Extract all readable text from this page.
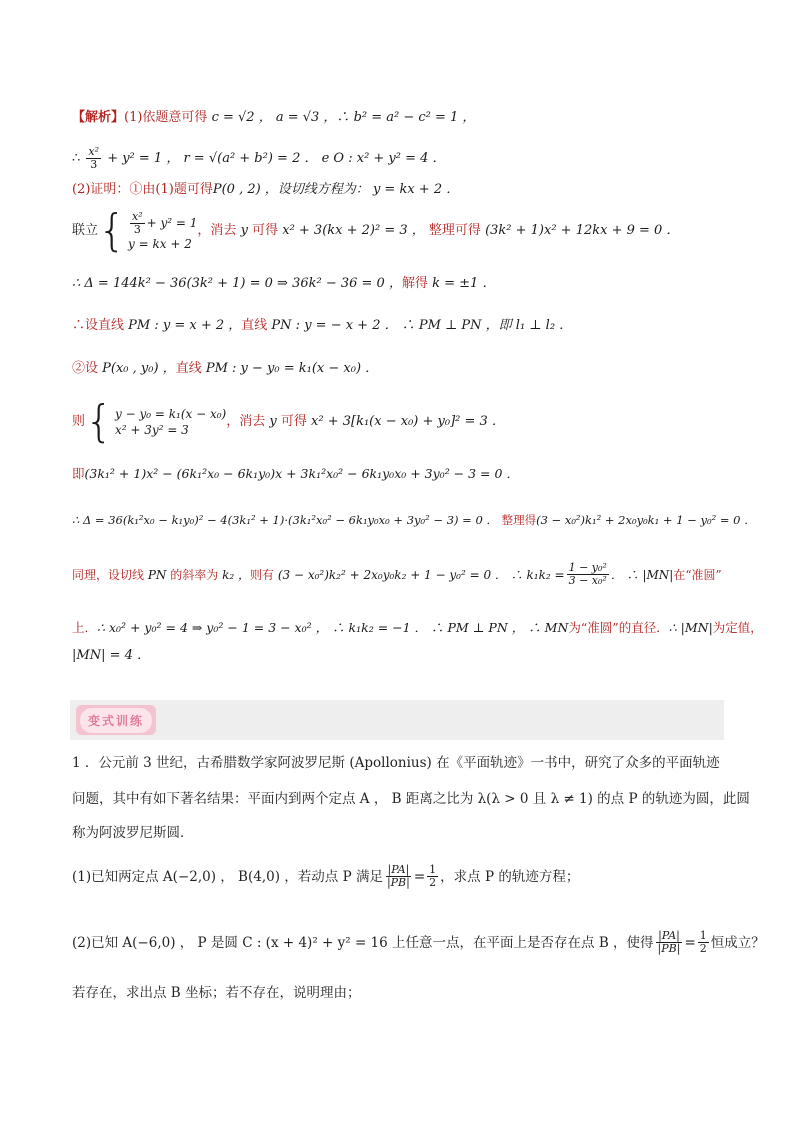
【解析】(1)依题意可得 c = √2 ， a = √3 ，∴ b² = a² − c² = 1 ，
∴ $\frac{\text{x²}}{3} + y^2 = 1$ ， r = √(a² + b²) = 2 ． e O : x² + y² = 4 ．
(2)证明：①由(1)题可得P(0 , 2) ，设切线方程为： y = kx + 2 ．
联立 { $\frac{\text{x²}}{3} + y^2 = 1$
y = kx + 2
，消去
y
可得
x² + 3(kx + 2)² = 3 ，
整理可得
(3k² + 1)x² + 12kx + 9 = 0 ．
∴ Δ = 144k² − 36(3k² + 1) = 0 ⇒ 36k² − 36 = 0 ，解得 k = ±1 ．
∴设直线 PM : y = x + 2 ，直线 PN : y = − x + 2 ． ∴ PM ⊥ PN ，即 l₁ ⊥ l₂ ．
②设 P(x₀ , y₀) ，直线 PM : y − y₀ = k₁(x − x₀) ．
则 { y − y₀ = k₁(x − x₀)
x² + 3y² = 3
，消去
y
可得
x² + 3[k₁(x − x₀) + y₀]² = 3 ．
即(3k₁² + 1)x² − (6k₁²x₀ − 6k₁y₀)x + 3k₁²x₀² − 6k₁y₀x₀ + 3y₀² − 3 = 0 ．
∴ Δ = 36(k₁²x₀ − k₁y₀)² − 4(3k₁² + 1)·(3k₁²x₀² − 6k₁y₀x₀ + 3y₀² − 3) = 0 ． 整理得(3 − x₀²)k₁² + 2x₀y₀k₁ + 1 − y₀² = 0 ．
同理，设切线
PN
的斜率为
k₂ ， 则有
(3 − x₀²)k₂² + 2x₀y₀k₂ + 1 − y₀² = 0 ． ∴ $k_1k_2 = \frac{\text{1 − y₀²}}{\text{3 − x₀²}}$ ． ∴ |MN| 在“准圆”
上．∴ x₀² + y₀² = 4 ⇒ y₀² − 1 = 3 − x₀² ， ∴ k₁k₂ = −1 ． ∴ PM ⊥ PN ， ∴ MN为“准圆”的直径．∴ |MN|为定值，
|MN| = 4 ．
变式训练
1 ．公元前 3 世纪，古希腊数学家阿波罗尼斯 (Apollonius) 在《平面轨迹》一书中，研究了众多的平面轨迹
问题，其中有如下著名结果：平面内到两个定点 A ， B 距离之比为 λ(λ > 0 且 λ ≠ 1) 的点 P 的轨迹为圆，此圆
称为阿波罗尼斯圆．
(1)已知两定点 A(−2,0) ， B(4,0) ，若动点 P 满足 $\frac{|PA|}{|PB|} = \frac{1}{2}$ ，求点 P 的轨迹方程；
(2)已知 A(−6,0) ， P 是圆 C : (x + 4)² + y² = 16 上任意一点，在平面上是否存在点 B ，使得 $\frac{|PA|}{|PB|} = \frac{1}{2}$ 恒成立？
若存在，求出点 B 坐标；若不存在，说明理由；
